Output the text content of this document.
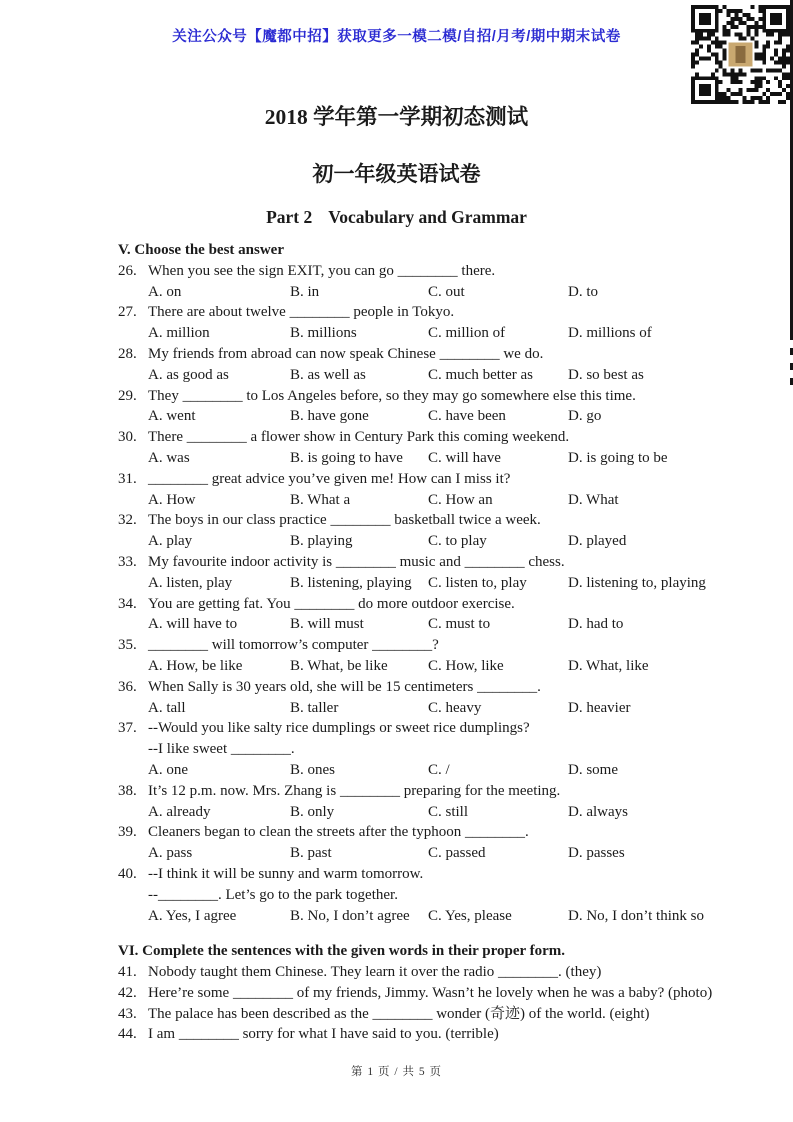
关注公众号【魔都中招】获取更多一模二模/自招/月考/期中期末试卷
2018 学年第一学期初态测试
初一年级英语试卷
Part 2 Vocabulary and Grammar
V. Choose the best answer
26. When you see the sign EXIT, you can go ________ there.
A. on	B. in	C. out	D. to
27. There are about twelve ________ people in Tokyo.
A. million	B. millions	C. million of	D. millions of
28. My friends from abroad can now speak Chinese ________ we do.
A. as good as	B. as well as	C. much better as	D. so best as
29. They ________ to Los Angeles before, so they may go somewhere else this time.
A. went	B. have gone	C. have been	D. go
30. There ________ a flower show in Century Park this coming weekend.
A. was	B. is going to have	C. will have	D. is going to be
31. ________ great advice you’ve given me! How can I miss it?
A. How	B. What a	C. How an	D. What
32. The boys in our class practice ________ basketball twice a week.
A. play	B. playing	C. to play	D. played
33. My favourite indoor activity is ________ music and ________ chess.
A. listen, play	B. listening, playing	C. listen to, play	D. listening to, playing
34. You are getting fat. You ________ do more outdoor exercise.
A. will have to	B. will must	C. must to	D. had to
35. ________ will tomorrow’s computer ________?
A. How, be like	B. What, be like	C. How, like	D. What, like
36. When Sally is 30 years old, she will be 15 centimeters ________.
A. tall	B. taller	C. heavy	D. heavier
37. --Would you like salty rice dumplings or sweet rice dumplings?
--I like sweet ________.
A. one	B. ones	C. /	D. some
38. It’s 12 p.m. now. Mrs. Zhang is ________ preparing for the meeting.
A. already	B. only	C. still	D. always
39. Cleaners began to clean the streets after the typhoon ________.
A. pass	B. past	C. passed	D. passes
40. --I think it will be sunny and warm tomorrow.
--________. Let’s go to the park together.
A. Yes, I agree	B. No, I don’t agree	C. Yes, please	D. No, I don’t think so
VI. Complete the sentences with the given words in their proper form.
41. Nobody taught them Chinese. They learn it over the radio ________. (they)
42. Here’re some ________ of my friends, Jimmy. Wasn’t he lovely when he was a baby? (photo)
43. The palace has been described as the ________ wonder (奇迹) of the world. (eight)
44. I am ________ sorry for what I have said to you. (terrible)
第 1 页 / 共 5 页
